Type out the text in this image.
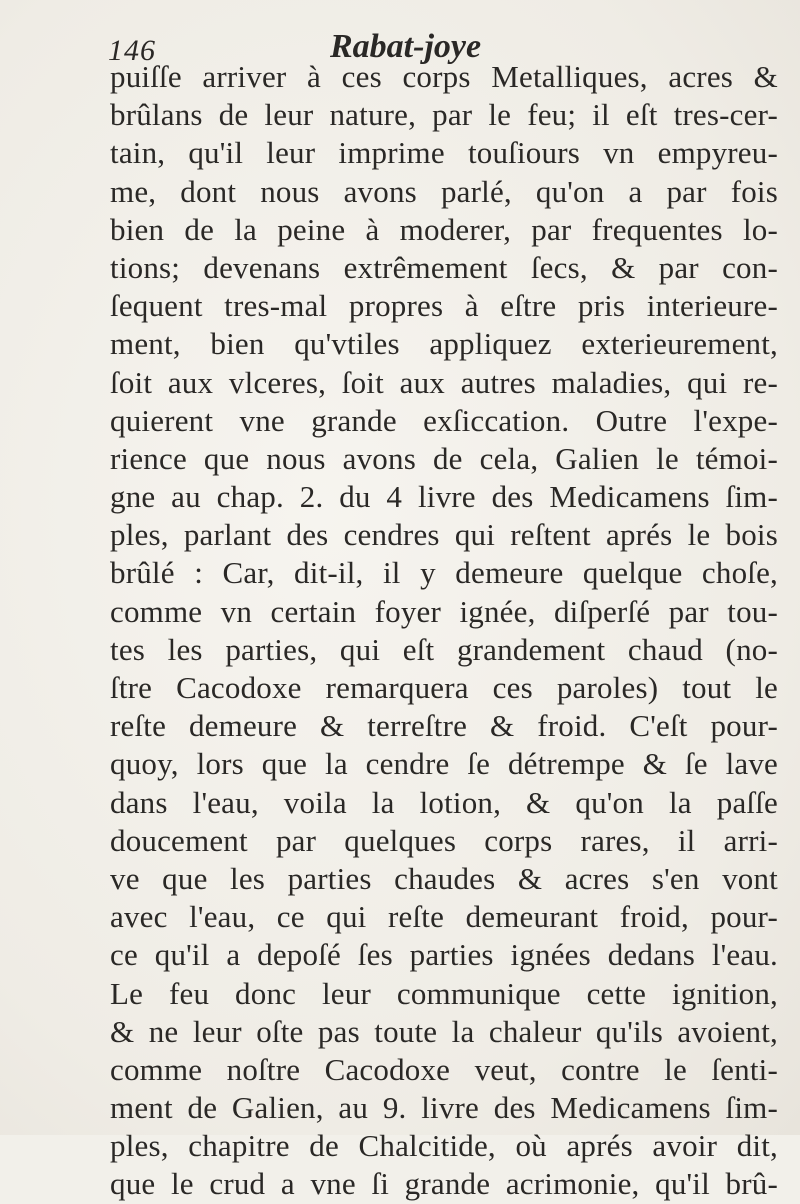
146	Rabat-joye
puiſſe arriver à ces corps Metalliques, acres &
brûlans de leur nature, par le feu; il eſt tres-cer-
tain, qu'il leur imprime touſiours vn empyreu-
me, dont nous avons parlé, qu'on a par fois
bien de la peine à moderer, par frequentes lo-
tions; devenans extrêmement ſecs, & par con-
ſequent tres-mal propres à eſtre pris interieure-
ment, bien qu'vtiles appliquez exterieurement,
ſoit aux vlceres, ſoit aux autres maladies, qui re-
quierent vne grande exſiccation. Outre l'expe-
rience que nous avons de cela, Galien le témoi-
gne au chap. 2. du 4 livre des Medicamens ſim-
ples, parlant des cendres qui reſtent aprés le bois
brûlé : Car, dit-il, il y demeure quelque choſe,
comme vn certain foyer ignée, diſperſé par tou-
tes les parties, qui eſt grandement chaud (no-
ſtre Cacodoxe remarquera ces paroles) tout le
reſte demeure & terreſtre & froid. C'eſt pour-
quoy, lors que la cendre ſe détrempe & ſe lave
dans l'eau, voila la lotion, & qu'on la paſſe
doucement par quelques corps rares, il arri-
ve que les parties chaudes & acres s'en vont
avec l'eau, ce qui reſte demeurant froid, pour-
ce qu'il a depoſé ſes parties ignées dedans l'eau.
Le feu donc leur communique cette ignition,
& ne leur oſte pas toute la chaleur qu'ils avoient,
comme noſtre Cacodoxe veut, contre le ſenti-
ment de Galien, au 9. livre des Medicamens ſim-
ples, chapitre de Chalcitide, où aprés avoir dit,
que le crud a vne ſi grande acrimonie, qu'il brû-
